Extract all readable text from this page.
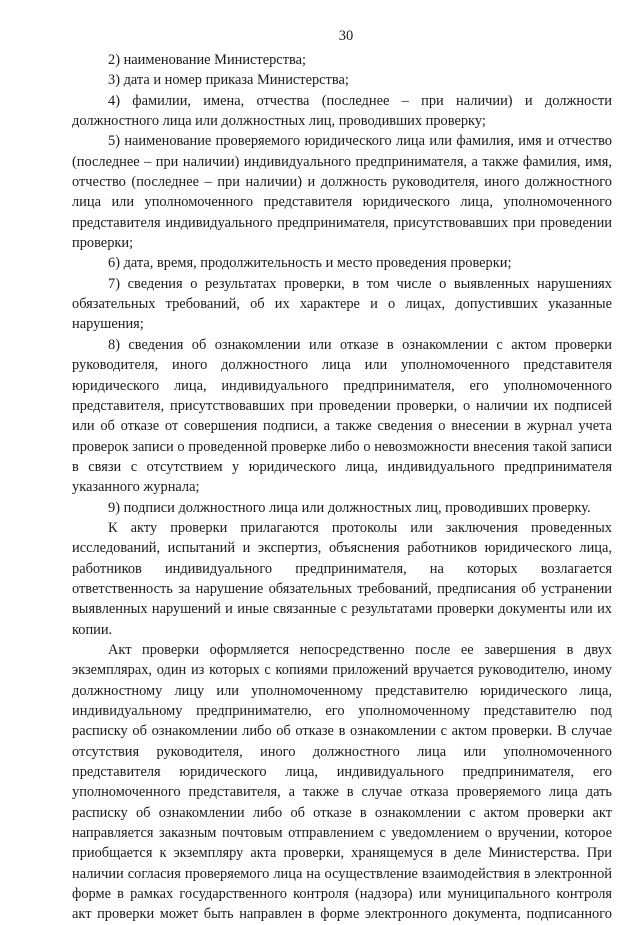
30

2) наименование Министерства;

3) дата и номер приказа Министерства;

4) фамилии, имена, отчества (последнее – при наличии) и должности должностного лица или должностных лиц, проводивших проверку;

5) наименование проверяемого юридического лица или фамилия, имя и отчество (последнее – при наличии) индивидуального предпринимателя, а также фамилия, имя, отчество (последнее – при наличии) и должность руководителя, иного должностного лица или уполномоченного представителя юридического лица, уполномоченного представителя индивидуального предпринимателя, присутствовавших при проведении проверки;

6) дата, время, продолжительность и место проведения проверки;

7) сведения о результатах проверки, в том числе о выявленных нарушениях обязательных требований, об их характере и о лицах, допустивших указанные нарушения;

8) сведения об ознакомлении или отказе в ознакомлении с актом проверки руководителя, иного должностного лица или уполномоченного представителя юридического лица, индивидуального предпринимателя, его уполномоченного представителя, присутствовавших при проведении проверки, о наличии их подписей или об отказе от совершения подписи, а также сведения о внесении в журнал учета проверок записи о проведенной проверке либо о невозможности внесения такой записи в связи с отсутствием у юридического лица, индивидуального предпринимателя указанного журнала;

9) подписи должностного лица или должностных лиц, проводивших проверку.

К акту проверки прилагаются протоколы или заключения проведенных исследований, испытаний и экспертиз, объяснения работников юридического лица, работников индивидуального предпринимателя, на которых возлагается ответственность за нарушение обязательных требований, предписания об устранении выявленных нарушений и иные связанные с результатами проверки документы или их копии.

Акт проверки оформляется непосредственно после ее завершения в двух экземплярах, один из которых с копиями приложений вручается руководителю, иному должностному лицу или уполномоченному представителю юридического лица, индивидуальному предпринимателю, его уполномоченному представителю под расписку об ознакомлении либо об отказе в ознакомлении с актом проверки. В случае отсутствия руководителя, иного должностного лица или уполномоченного представителя юридического лица, индивидуального предпринимателя, его уполномоченного представителя, а также в случае отказа проверяемого лица дать расписку об ознакомлении либо об отказе в ознакомлении с актом проверки акт направляется заказным почтовым отправлением с уведомлением о вручении, которое приобщается к экземпляру акта проверки, хранящемуся в деле Министерства. При наличии согласия проверяемого лица на осуществление взаимодействия в электронной форме в рамках государственного контроля (надзора) или муниципального контроля акт проверки может быть направлен в форме электронного документа, подписанного
